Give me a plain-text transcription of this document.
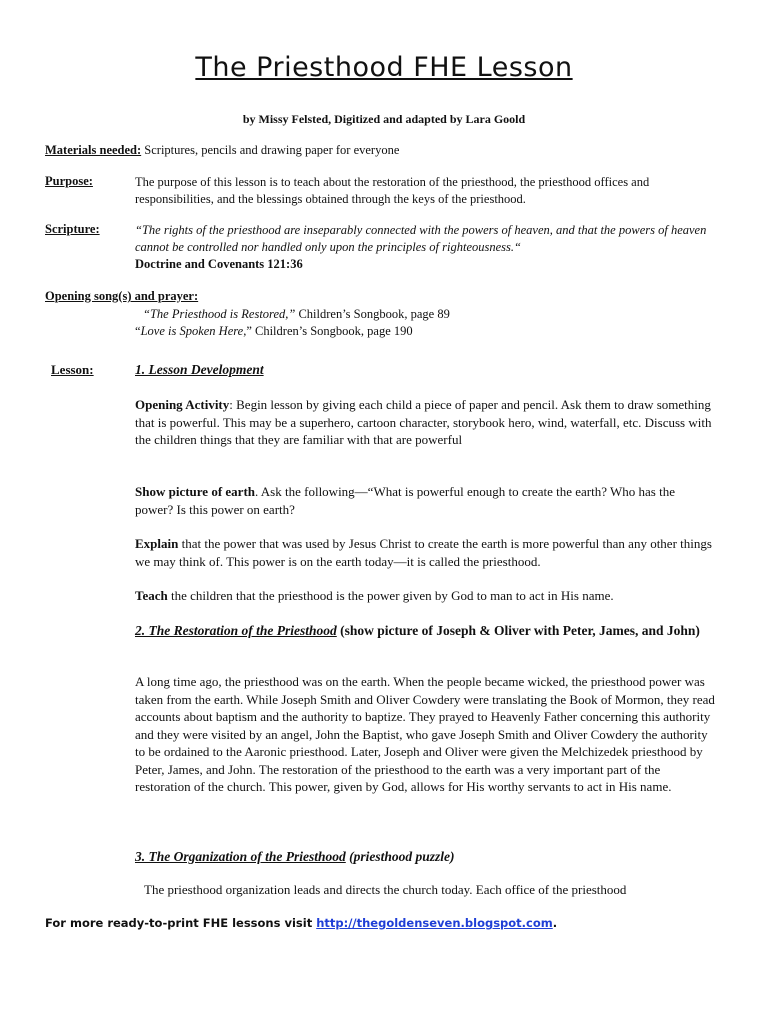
The Priesthood FHE Lesson
by Missy Felsted, Digitized and adapted by Lara Goold
Materials needed: Scriptures, pencils and drawing paper for everyone
Purpose:	The purpose of this lesson is to teach about the restoration of the priesthood, the priesthood offices and responsibilities, and the blessings obtained through the keys of the priesthood.
Scripture:	“The rights of the priesthood are inseparably connected with the powers of heaven, and that the powers of heaven cannot be controlled nor handled only upon the principles of righteousness.“
Doctrine and Covenants 121:36
Opening song(s) and prayer:
“The Priesthood is Restored,” Children’s Songbook, page 89
“Love is Spoken Here,” Children’s Songbook, page 190
Lesson:	1. Lesson Development
Opening Activity: Begin lesson by giving each child a piece of paper and pencil. Ask them to draw something that is powerful. This may be a superhero, cartoon character, storybook hero, wind, waterfall, etc. Discuss with the children things that they are familiar with that are powerful
Show picture of earth. Ask the following—“What is powerful enough to create the earth? Who has the power? Is this power on earth?
Explain that the power that was used by Jesus Christ to create the earth is more powerful than any other things we may think of. This power is on the earth today—it is called the priesthood.
Teach the children that the priesthood is the power given by God to man to act in His name.
2. The Restoration of the Priesthood (show picture of Joseph & Oliver with Peter, James, and John)
A long time ago, the priesthood was on the earth. When the people became wicked, the priesthood power was taken from the earth. While Joseph Smith and Oliver Cowdery were translating the Book of Mormon, they read accounts about baptism and the authority to baptize. They prayed to Heavenly Father concerning this authority and they were visited by an angel, John the Baptist, who gave Joseph Smith and Oliver Cowdery the authority to be ordained to the Aaronic priesthood. Later, Joseph and Oliver were given the Melchizedek priesthood by Peter, James, and John. The restoration of the priesthood to the earth was a very important part of the restoration of the church. This power, given by God, allows for His worthy servants to act in His name.
3. The Organization of the Priesthood (priesthood puzzle)
The priesthood organization leads and directs the church today. Each office of the priesthood
For more ready-to-print FHE lessons visit http://thegoldenseven.blogspot.com.
